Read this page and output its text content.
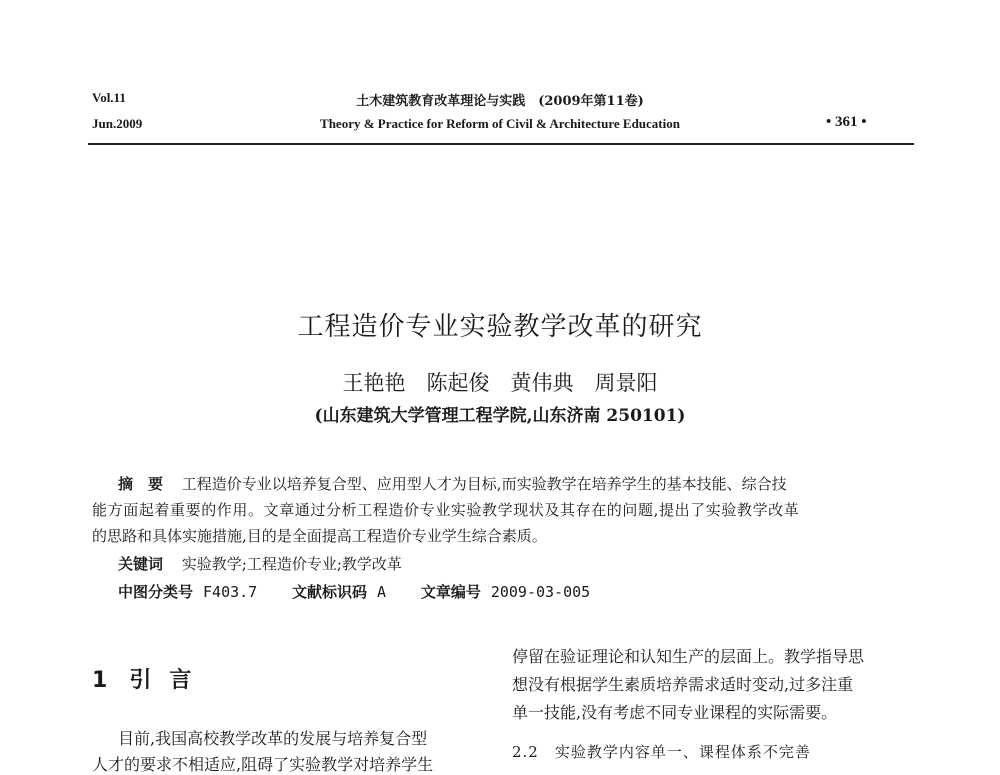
Vol.11
Jun.2009
土木建筑教育改革理论与实践　(2009年第11卷)
Theory & Practice for Reform of Civil & Architecture Education	• 361 •
工程造价专业实验教学改革的研究
王艳艳　陈起俊　黄伟典　周景阳
(山东建筑大学管理工程学院,山东济南 250101)
摘　要 工程造价专业以培养复合型、应用型人才为目标,而实验教学在培养学生的基本技能、综合技
能方面起着重要的作用。文章通过分析工程造价专业实验教学现状及其存在的问题,提出了实验教学改革
的思路和具体实施措施,目的是全面提高工程造价专业学生综合素质。
关键词 实验教学;工程造价专业;教学改革
中图分类号 F403.7 文献标识码 A 文章编号 2009-03-005
1 引言
目前,我国高校教学改革的发展与培养复合型
人才的要求不相适应,阻碍了实验教学对培养学生
停留在验证理论和认知生产的层面上。教学指导思
想没有根据学生素质培养需求适时变动,过多注重
单一技能,没有考虑不同专业课程的实际需要。
2.2　实验教学内容单一、课程体系不完善
